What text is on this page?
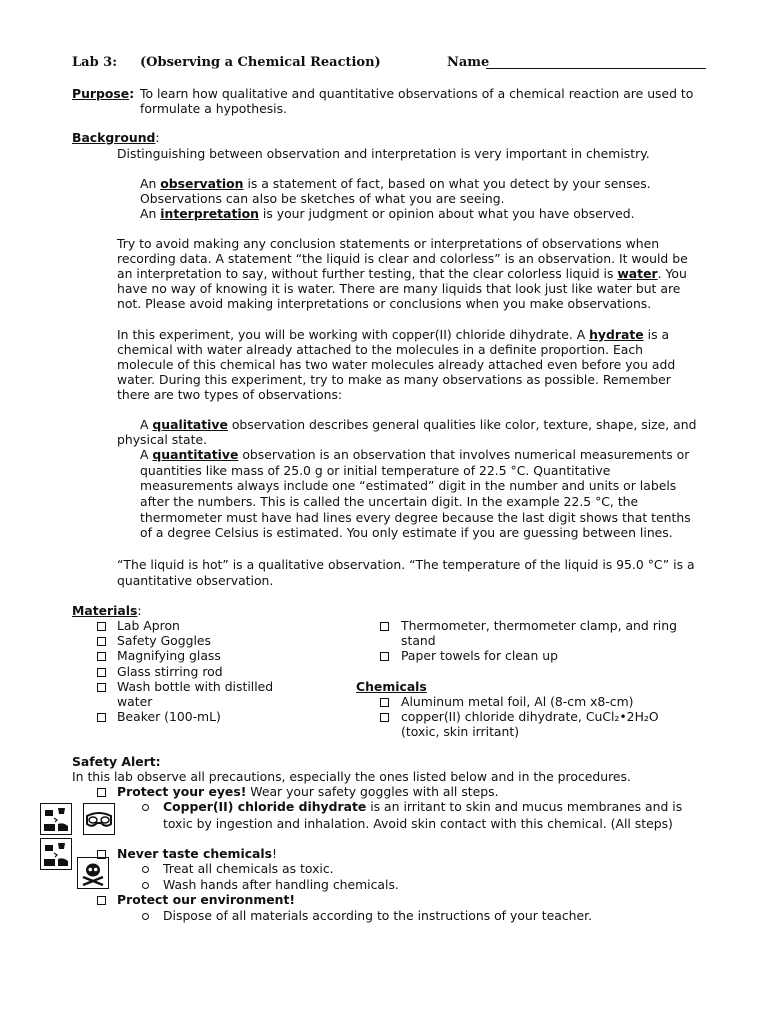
Lab 3: (Observing a Chemical Reaction)	Name
Purpose: To learn how qualitative and quantitative observations of a chemical reaction are used to
formulate a hypothesis.
Background:
Distinguishing between observation and interpretation is very important in chemistry.
An observation is a statement of fact, based on what you detect by your senses.
Observations can also be sketches of what you are seeing.
An interpretation is your judgment or opinion about what you have observed.
Try to avoid making any conclusion statements or interpretations of observations when
recording data. A statement “the liquid is clear and colorless” is an observation. It would be
an interpretation to say, without further testing, that the clear colorless liquid is water. You
have no way of knowing it is water. There are many liquids that look just like water but are
not. Please avoid making interpretations or conclusions when you make observations.
In this experiment, you will be working with copper(II) chloride dihydrate. A hydrate is a
chemical with water already attached to the molecules in a definite proportion. Each
molecule of this chemical has two water molecules already attached even before you add
water. During this experiment, try to make as many observations as possible. Remember
there are two types of observations:
A qualitative observation describes general qualities like color, texture, shape, size, and
physical state.
A quantitative observation is an observation that involves numerical measurements or
quantities like mass of 25.0 g or initial temperature of 22.5 °C. Quantitative
measurements always include one “estimated” digit in the number and units or labels
after the numbers. This is called the uncertain digit. In the example 22.5 °C, the
thermometer must have had lines every degree because the last digit shows that tenths
of a degree Celsius is estimated. You only estimate if you are guessing between lines.
“The liquid is hot” is a qualitative observation. “The temperature of the liquid is 95.0 °C” is a
quantitative observation.
Materials:
Lab Apron
Safety Goggles
Magnifying glass
Glass stirring rod
Wash bottle with distilled
water
Beaker (100-mL)
Thermometer, thermometer clamp, and ring
stand
Paper towels for clean up
Chemicals
Aluminum metal foil, Al (8-cm x8-cm)
copper(II) chloride dihydrate, CuCl₂•2H₂O
(toxic, skin irritant)
Safety Alert:
In this lab observe all precautions, especially the ones listed below and in the procedures.
Protect your eyes! Wear your safety goggles with all steps.
Copper(II) chloride dihydrate is an irritant to skin and mucus membranes and is
toxic by ingestion and inhalation. Avoid skin contact with this chemical. (All steps)
Never taste chemicals!
Treat all chemicals as toxic.
Wash hands after handling chemicals.
Protect our environment!
Dispose of all materials according to the instructions of your teacher.
